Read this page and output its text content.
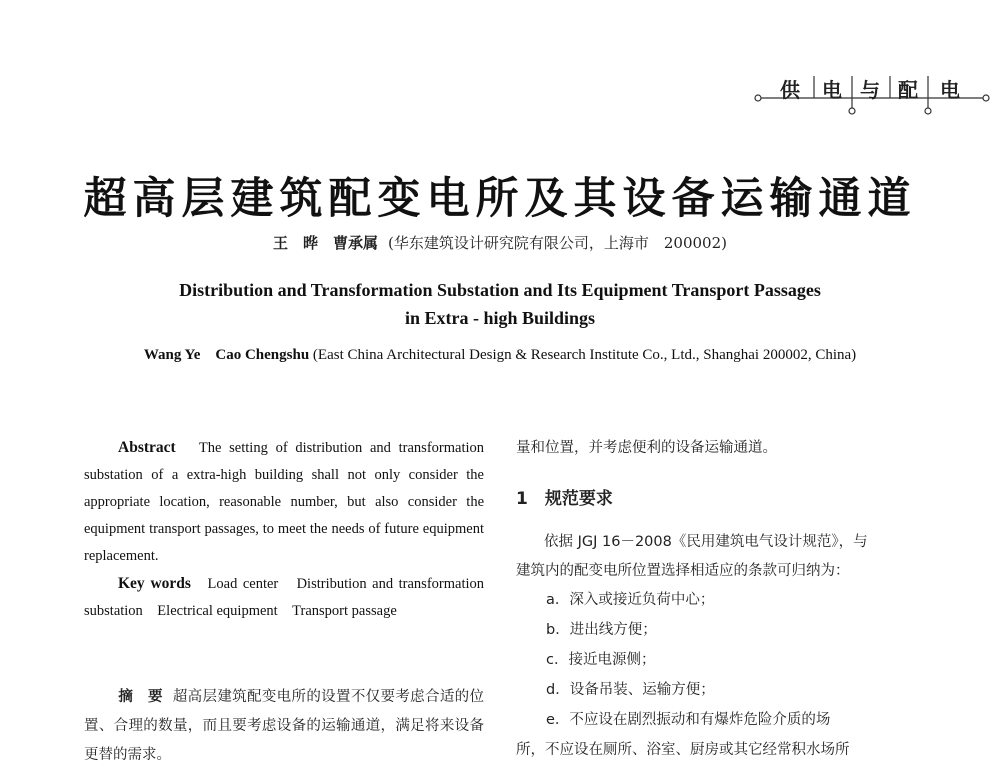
供 电 与 配 电
超高层建筑配变电所及其设备运输通道
王　晔　曹承属 (华东建筑设计研究院有限公司，上海市　200002)
Distribution and Transformation Substation and Its Equipment Transport Passages
in Extra - high Buildings
Wang Ye　Cao Chengshu (East China Architectural Design & Research Institute Co., Ltd., Shanghai 200002, China)

Abstract The setting of distribution and transformation substation of a extra-high building shall not only consider the appropriate location, reasonable number, but also consider the equipment transport passages, to meet the needs of future equipment replacement.

Key words Load center　Distribution and transformation substation　Electrical equipment　Transport passage

摘　要 超高层建筑配变电所的设置不仅要考虑合适的位置、合理的数量，而且要考虑设备的运输通道，满足将来设备更替的需求。
量和位置，并考虑便利的设备运输通道。
1　规范要求
依据 JGJ 16－2008《民用建筑电气设计规范》，与
建筑内的配变电所位置选择相适应的条款可归纳为：
a．深入或接近负荷中心；
b．进出线方便；
c．接近电源侧；
d．设备吊装、运输方便；
e．不应设在剧烈振动和有爆炸危险介质的场
所，不应设在厕所、浴室、厨房或其它经常积水场所
